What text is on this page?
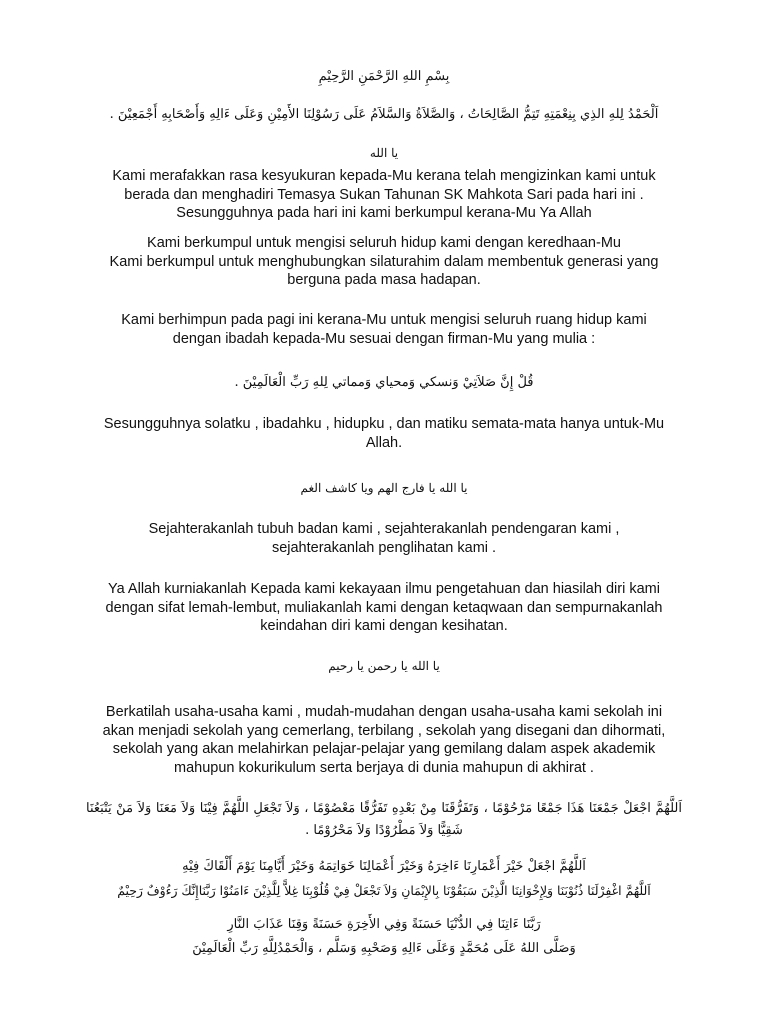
بِسْمِ اللهِ الرَّحْمَنِ الرَّحِيْمِ
اَلْحَمْدُ لِلهِ الذِي بِنِعْمَتِهِ تَتِمُّ الصَّالِحَاتُ ، وَالصَّلاَةُ وَالسَّلاَمُ عَلَى رَسُوْلِنَا الأَمِيْنِ وَعَلَى ءَالِهِ وَأَصْحَابِهِ أَجْمَعِيْنَ .
يا الله
Kami merafakkan rasa kesyukuran kepada-Mu kerana telah mengizinkan kami untuk
berada dan menghadiri Temasya Sukan Tahunan SK Mahkota Sari pada hari ini .
Sesungguhnya pada hari ini kami berkumpul kerana-Mu Ya Allah
Kami berkumpul untuk mengisi seluruh hidup kami dengan keredhaan-Mu
Kami berkumpul untuk menghubungkan silaturahim dalam membentuk generasi yang
berguna pada masa hadapan.
Kami berhimpun pada pagi ini kerana-Mu untuk mengisi seluruh ruang hidup kami
dengan ibadah kepada-Mu sesuai dengan firman-Mu yang mulia :
قُلْ إِنَّ صَلاَتِيْ وَنسكي وَمحياي وَمماتي لِلهِ رَبِّ الْعَالَمِيْنَ .
Sesungguhnya solatku , ibadahku , hidupku , dan matiku semata-mata hanya untuk-Mu
Allah.
يا الله يا فارج الهم ويا كاشف الغم
Sejahterakanlah tubuh badan kami , sejahterakanlah pendengaran kami ,
sejahterakanlah penglihatan kami .
Ya Allah kurniakanlah Kepada kami kekayaan ilmu pengetahuan dan hiasilah diri kami
dengan sifat lemah-lembut, muliakanlah kami dengan ketaqwaan dan sempurnakanlah
keindahan diri kami dengan kesihatan.
يا الله يا رحمن يا رحيم
Berkatilah usaha-usaha kami , mudah-mudahan dengan usaha-usaha kami sekolah ini
akan menjadi sekolah yang cemerlang, terbilang , sekolah yang disegani dan dihormati,
sekolah yang akan melahirkan pelajar-pelajar yang gemilang dalam aspek akademik
mahupun kokurikulum serta berjaya di dunia mahupun di akhirat .
اَللَّهُمَّ اجْعَلْ جَمْعَنَا هَذَا جَمْعًا مَرْحُوْمًا ، وَتَفَرُّقَنَا مِنْ بَعْدِهِ تَفَرُّقًا مَعْصُوْمًا ، وَلاَ تَجْعَلِ اللَّهُمَّ فِيْنَا وَلاَ مَعَنَا وَلاَ مَنْ يَتْبَعُنَا شَقِيًّا وَلاَ مَطْرُوْدًا وَلاَ مَحْرُوْمًا .
اَللَّهُمَّ اجْعَلْ خَيْرَ أَعْمَارِنَا ءَاخِرَهُ وَخَيْرَ أَعْمَالِنَا خَوَاتِمَهُ وَخَيْرَ أَيَّامِنَا يَوْمَ أَلْقَاكَ فِيْهِ
اَللَّهُمَّ اغْفِرْلَنَا ذُنُوْبَنَا وَلِإِخْوَانِنَا الَّذِيْنَ سَبَقُوْنَا بِالإِيْمَانِ وَلاَ تَجْعَلْ فِيْ قُلُوْبِنَا غِلاًّ لِلَّذِيْنَ ءَامَنُوْا رَبَّنَاإِنَّكَ رَءُوْفٌ رَحِيْمٌ
رَبَّنَا ءَاتِنَا فِي الدُّنْيَا حَسَنَةً وَفِي الأَخِرَةِ حَسَنَةً وَقِنَا عَذَابَ النَّارِ
وَصَلَّى اللهُ عَلَى مُحَمَّدٍ وَعَلَى ءَالِهِ وَصَحْبِهِ وَسَلَّم ، وَالْحَمْدُلِلَّهِ رَبِّ الْعَالَمِيْنَ
